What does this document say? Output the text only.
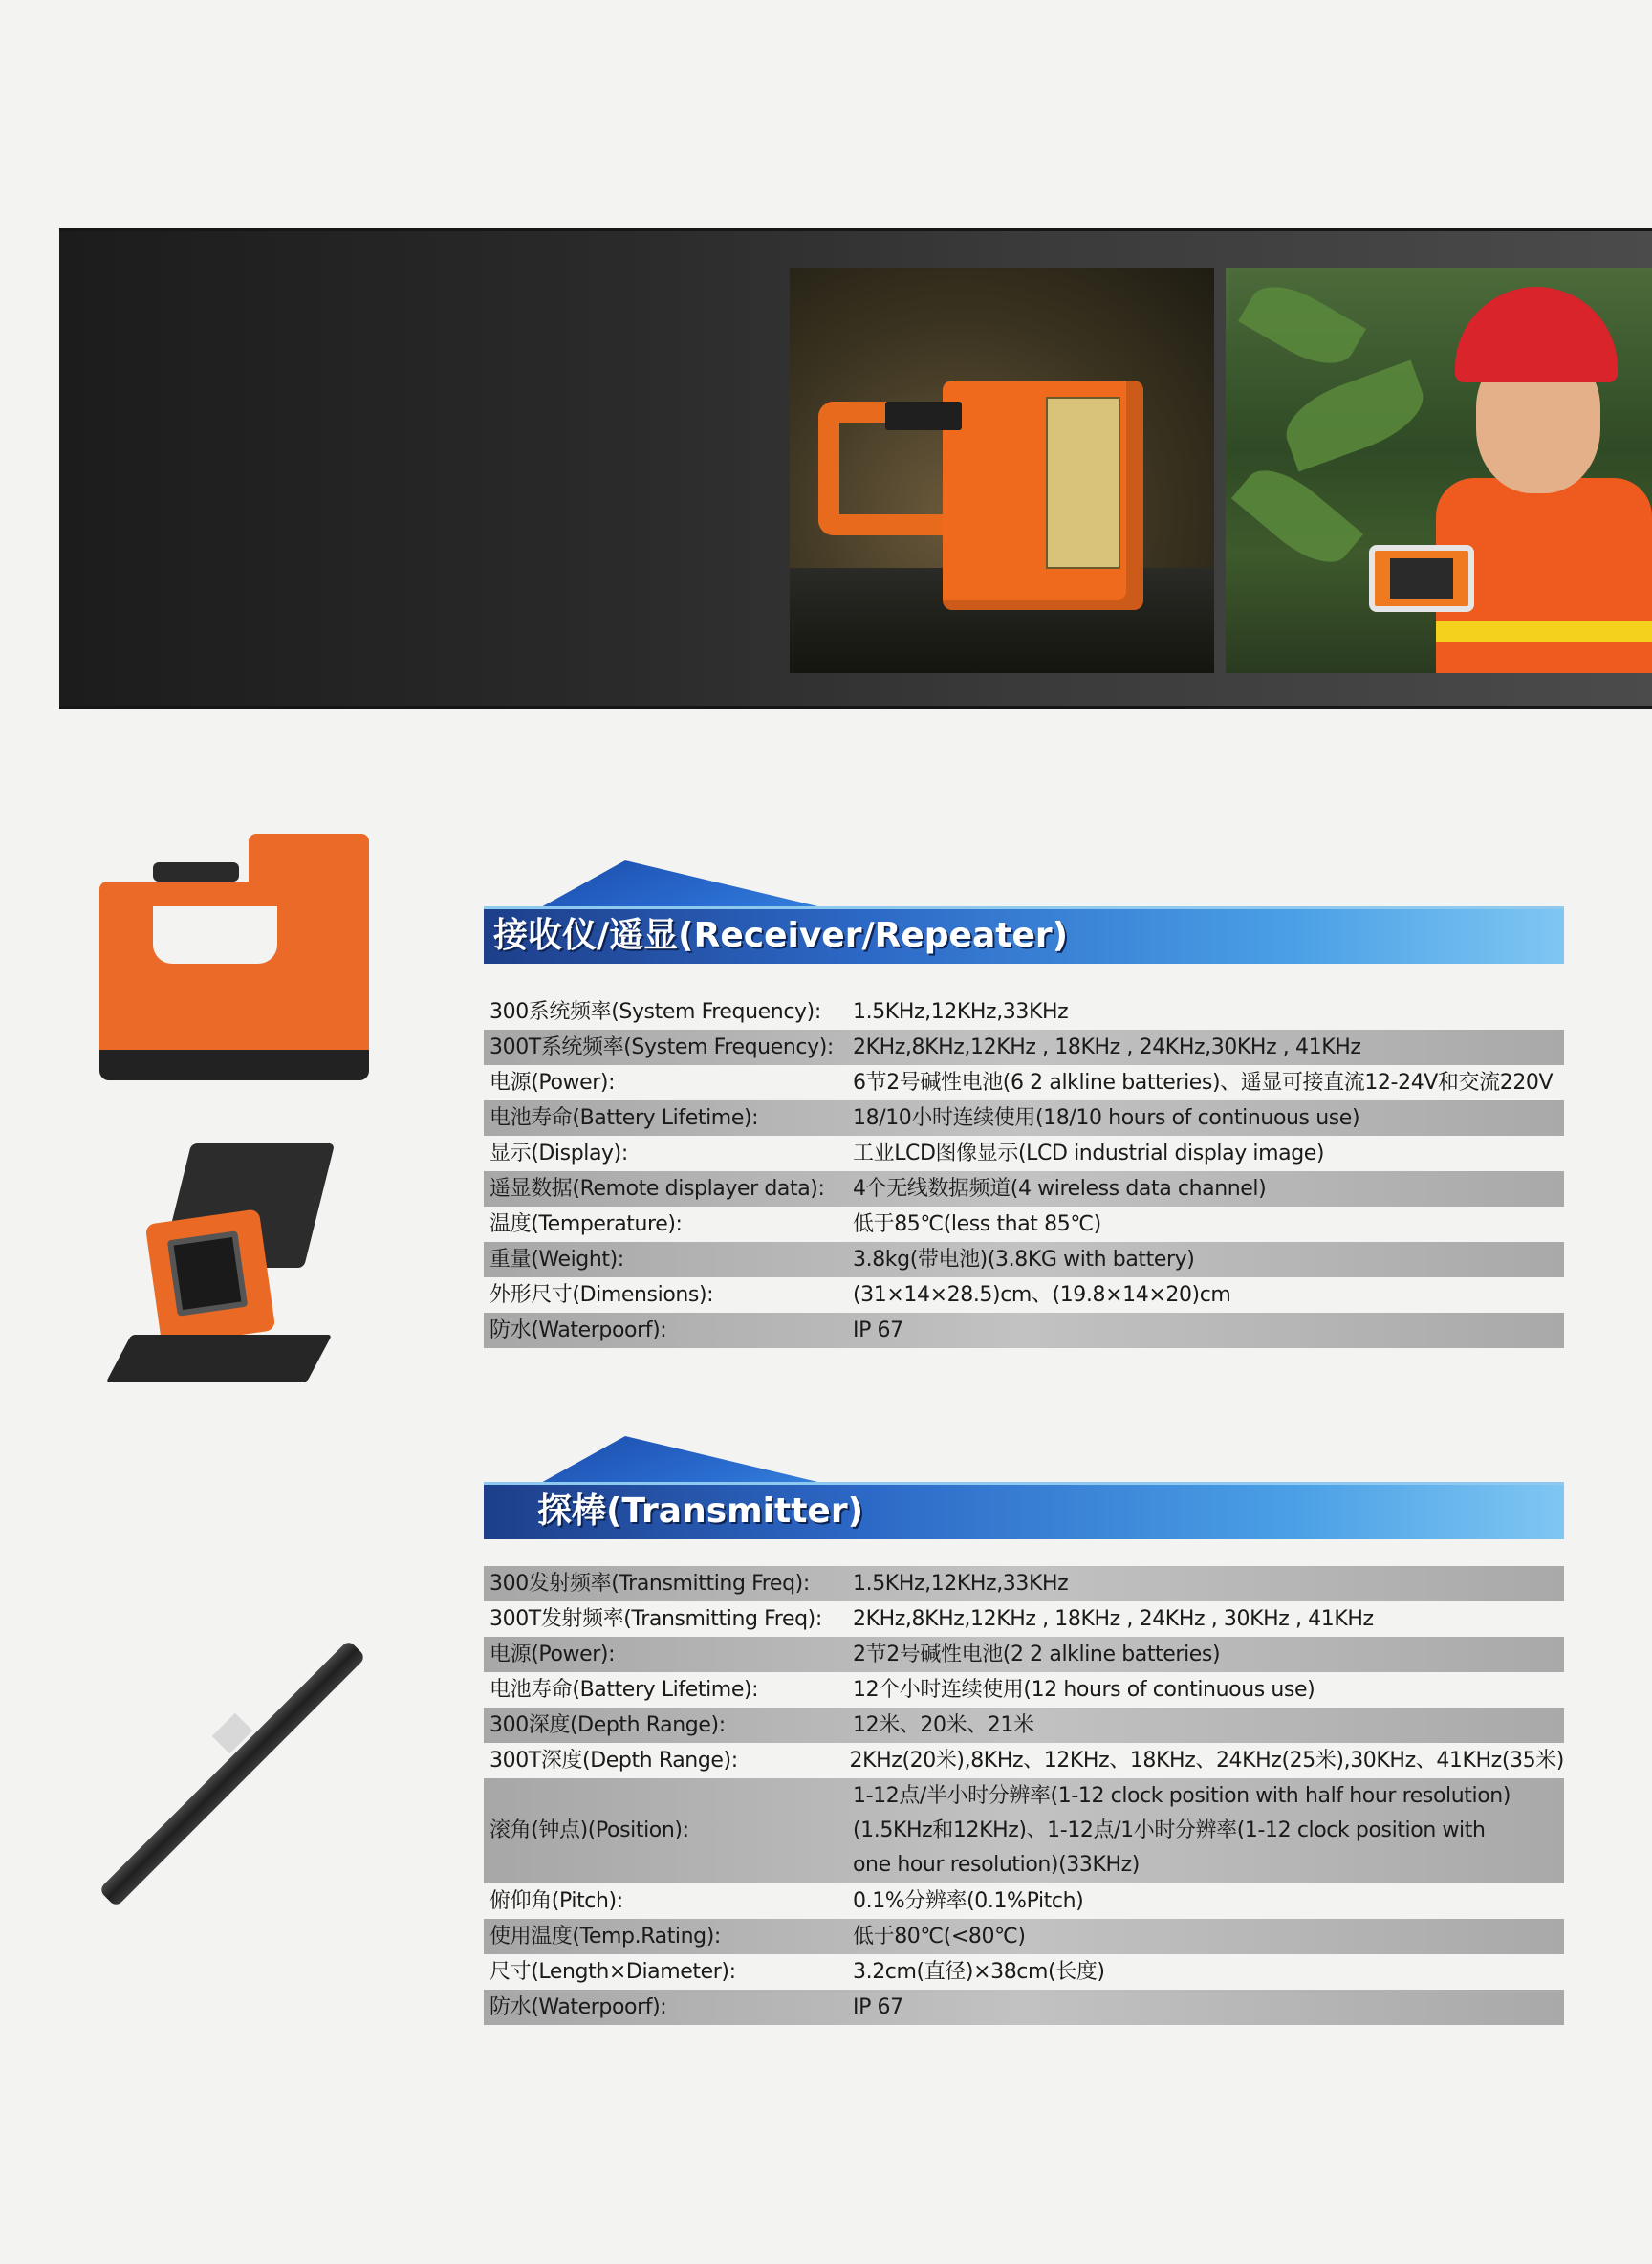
接收仪/遥显(Receiver/Repeater)
300系统频率(System Frequency):	1.5KHz,12KHz,33KHz
300T系统频率(System Frequency): 2KHz,8KHz,12KHz , 18KHz , 24KHz,30KHz , 41KHz
电源(Power):	6节2号碱性电池(6 2 alkline batteries)、遥显可接直流12-24V和交流220V
电池寿命(Battery Lifetime):	18/10小时连续使用(18/10 hours of continuous use)
显示(Display):	工业LCD图像显示(LCD industrial display image)
遥显数据(Remote displayer data):	4个无线数据频道(4 wireless data channel)
温度(Temperature):	低于85℃(less that 85℃)
重量(Weight):	3.8kg(带电池)(3.8KG with battery)
外形尺寸(Dimensions):	(31×14×28.5)cm、(19.8×14×20)cm
防水(Waterpoorf):	IP 67
探棒(Transmitter)
300发射频率(Transmitting Freq):	1.5KHz,12KHz,33KHz
300T发射频率(Transmitting Freq):	2KHz,8KHz,12KHz , 18KHz , 24KHz , 30KHz , 41KHz
电源(Power):	2节2号碱性电池(2 2 alkline batteries)
电池寿命(Battery Lifetime):	12个小时连续使用(12 hours of continuous use)
300深度(Depth Range):	12米、20米、21米
300T深度(Depth Range):	2KHz(20米),8KHz、12KHz、18KHz、24KHz(25米),30KHz、41KHz(35米)
滚角(钟点)(Position):
1-12点/半小时分辨率(1-12 clock position with half hour resolution)
(1.5KHz和12KHz)、1-12点/1小时分辨率(1-12 clock position with
one hour resolution)(33KHz)
俯仰角(Pitch):	0.1%分辨率(0.1%Pitch)
使用温度(Temp.Rating):	低于80℃(<80℃)
尺寸(Length×Diameter):	3.2cm(直径)×38cm(长度)
防水(Waterpoorf):	IP 67
